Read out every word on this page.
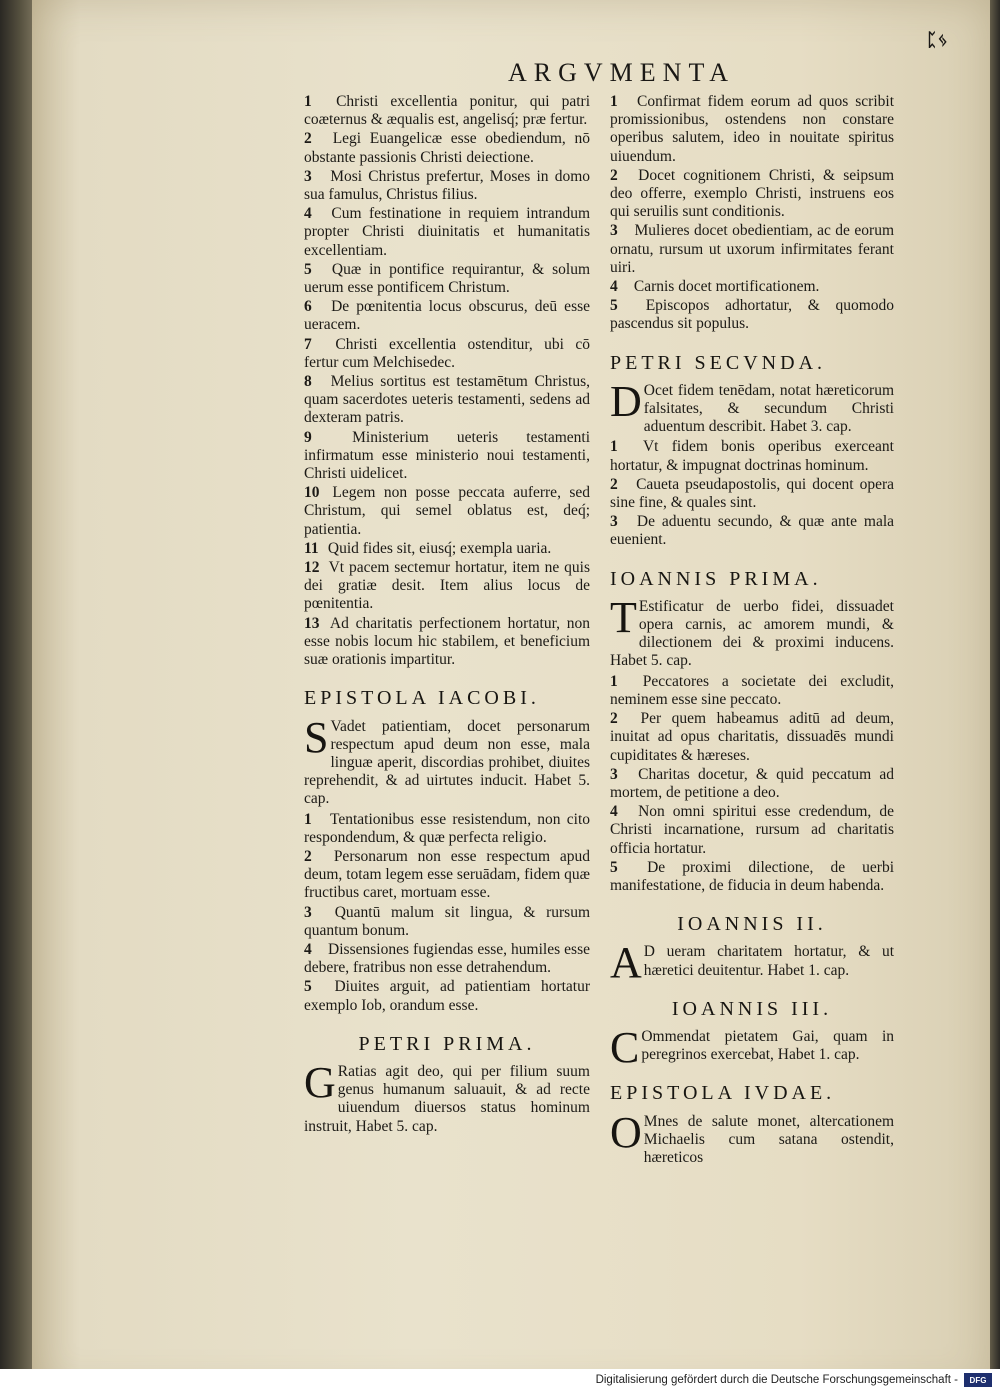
ᛈᛃ
ARGVMENTA
1 Christi excellentia ponitur, qui patri coæternus & æqualis est, angelisq́; præ fertur.
2 Legi Euangelicæ esse obediendum, nō obstante passionis Christi deiectione.
3 Mosi Christus prefertur, Moses in domo sua famulus, Christus filius.
4 Cum festinatione in requiem intrandum propter Christi diuinitatis et humanitatis excellentiam.
5 Quæ in pontifice requirantur, & solum uerum esse pontificem Christum.
6 De pœnitentia locus obscurus, deū esse ueracem.
7 Christi excellentia ostenditur, ubi cō fertur cum Melchisedec.
8 Melius sortitus est testamētum Christus, quam sacerdotes ueteris testamenti, sedens ad dexteram patris.
9	Ministerium ueteris testamenti infirmatum esse ministerio noui testamenti, Christi uidelicet.
10 Legem non posse peccata auferre, sed Christum, qui semel oblatus est, deq́; patientia.
11 Quid fides sit, eiusq́; exempla uaria.
12 Vt pacem sectemur hortatur, item ne quis dei gratiæ desit. Item alius locus de pœnitentia.
13 Ad charitatis perfectionem hortatur, non esse nobis locum hic stabilem, et beneficium suæ orationis impartitur.
EPISTOLA IACOBI.
S Vadet patientiam, docet personarum respectum apud deum non esse, mala linguæ aperit, discordias prohibet, diuites reprehendit, & ad uirtutes inducit. Habet 5. cap.
1 Tentationibus esse resistendum, non cito respondendum, & quæ perfecta religio.
2 Personarum non esse respectum apud deum, totam legem esse seruādam, fidem quæ fructibus caret, mortuam esse.
3 Quantū malum sit lingua, & rursum quantum bonum.
4 Dissensiones fugiendas esse, humiles esse debere, fratribus non esse detrahendum.
5 Diuites arguit, ad patientiam hortatur exemplo Iob, orandum esse.
PETRI PRIMA.
G Ratias agit deo, qui per filium suum genus humanum saluauit, & ad recte uiuendum diuersos status hominum instruit, Habet 5. cap.
1 Confirmat fidem eorum ad quos scribit promissionibus, ostendens non constare operibus salutem, ideo in nouitate spiritus uiuendum.
2 Docet cognitionem Christi, & seipsum deo offerre, exemplo Christi, instruens eos qui seruilis sunt conditionis.
3 Mulieres docet obedientiam, ac de eorum ornatu, rursum ut uxorum infirmitates ferant uiri.
4 Carnis docet mortificationem.
5 Episcopos adhortatur, & quomodo pascendus sit populus.
PETRI SECVNDA.
D Ocet fidem tenēdam, notat hæreticorum falsitates, & secundum Christi aduentum describit. Habet 3. cap.
1 Vt fidem bonis operibus exerceant hortatur, & impugnat doctrinas hominum.
2 Caueta pseudapostolis, qui docent opera sine fine, & quales sint.
3 De aduentu secundo, & quæ ante mala euenient.
IOANNIS PRIMA.
T Estificatur de uerbo fidei, dissuadet opera carnis, ac amorem mundi, & dilectionem dei & proximi inducens. Habet 5. cap.
1 Peccatores a societate dei excludit, neminem esse sine peccato.
2 Per quem habeamus aditū ad deum, inuitat ad opus charitatis, dissuadēs mundi cupiditates & hæreses.
3 Charitas docetur, & quid peccatum ad mortem, de petitione a deo.
4 Non omni spiritui esse credendum, de Christi incarnatione, rursum ad charitatis officia hortatur.
5 De proximi dilectione, de uerbi manifestatione, de fiducia in deum habenda.
IOANNIS II.
A D ueram charitatem hortatur, & ut hæretici deuitentur. Habet 1. cap.
IOANNIS III.
C Ommendat pietatem Gai, quam in peregrinos exercebat, Habet 1. cap.
EPISTOLA IVDAE.
O Mnes de salute monet, altercationem Michaelis cum satana ostendit, hæreticos
Digitalisierung gefördert durch die Deutsche Forschungsgemeinschaft -	DFG
